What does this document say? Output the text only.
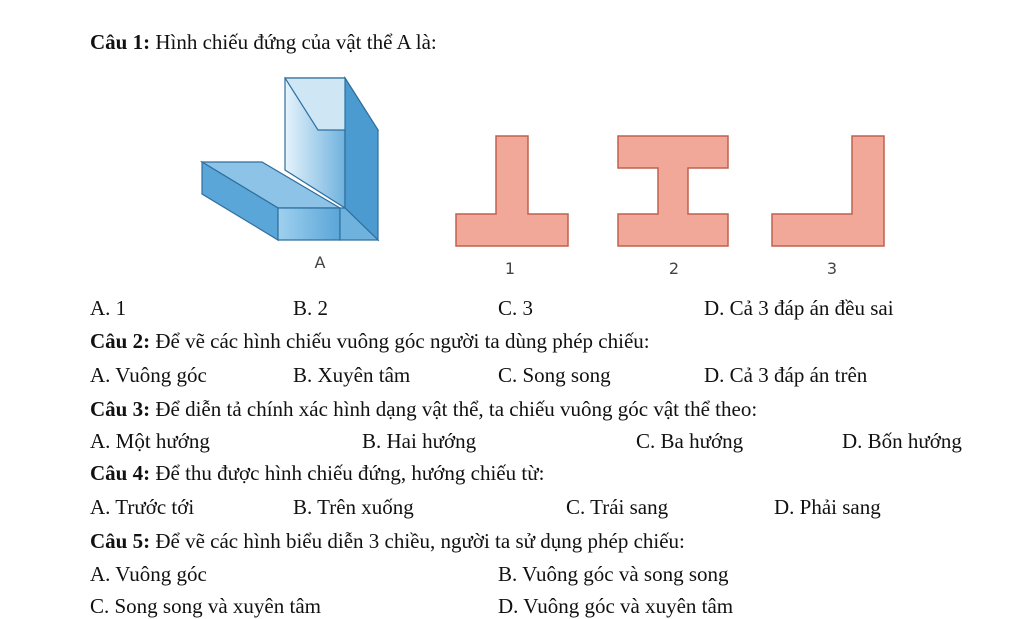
Câu 1: Hình chiếu đứng của vật thể A là:
A	1	2	3
A. 1	B. 2	C. 3	D. Cả 3 đáp án đều sai
Câu 2: Để vẽ các hình chiếu vuông góc người ta dùng phép chiếu:
A. Vuông góc	B. Xuyên tâm	C. Song song	D. Cả 3 đáp án trên
Câu 3: Để diễn tả chính xác hình dạng vật thể, ta chiếu vuông góc vật thể theo:
A. Một hướng	B. Hai hướng	C. Ba hướng	D. Bốn hướng
Câu 4: Để thu được hình chiếu đứng, hướng chiếu từ:
A. Trước tới	B. Trên xuống	C. Trái sang	D. Phải sang
Câu 5: Để vẽ các hình biểu diễn 3 chiều, người ta sử dụng phép chiếu:
A. Vuông góc	B. Vuông góc và song song
C. Song song và xuyên tâm	D. Vuông góc và xuyên tâm
